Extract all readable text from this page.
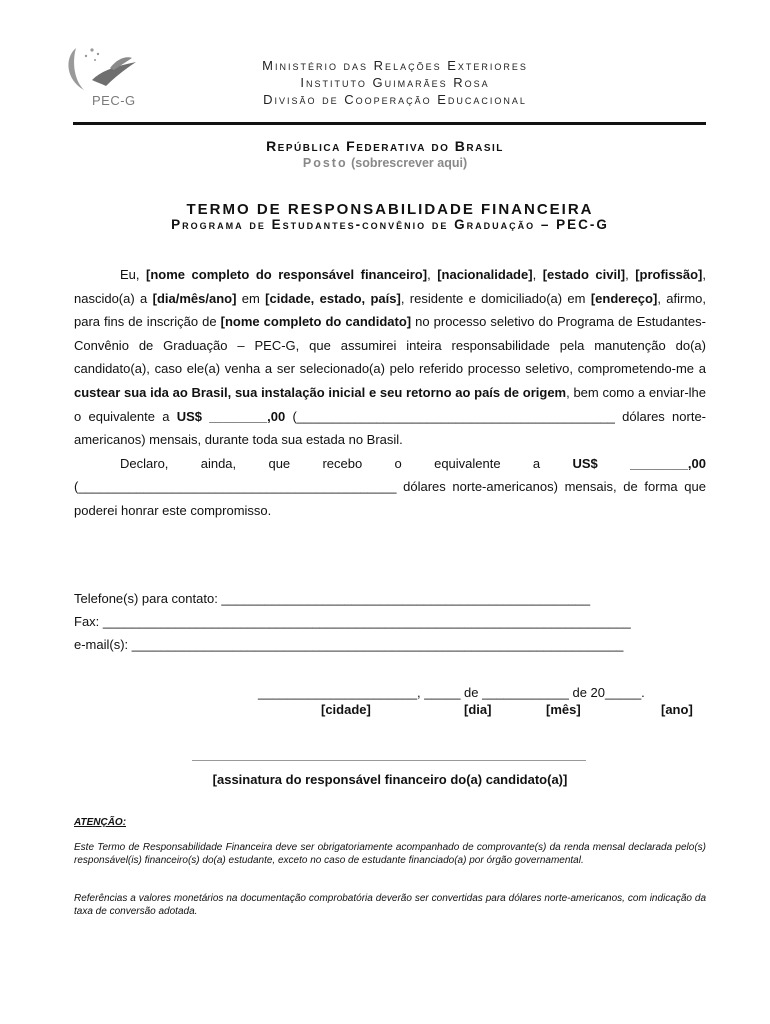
PEC-G
Ministério das Relações Exteriores
Instituto Guimarães Rosa
Divisão de Cooperação Educacional
República Federativa do Brasil
Posto (sobrescrever aqui)
TERMO DE RESPONSABILIDADE FINANCEIRA
Programa de Estudantes-convênio de Graduação – PEC-G

Eu, [nome completo do responsável financeiro], [nacionalidade], [estado civil], [profissão], nascido(a) a [dia/mês/ano] em [cidade, estado, país], residente e domiciliado(a) em [endereço], afirmo, para fins de inscrição de [nome completo do candidato] no processo seletivo do Programa de Estudantes-Convênio de Graduação – PEC-G, que assumirei inteira responsabilidade pela manutenção do(a) candidato(a), caso ele(a) venha a ser selecionado(a) pelo referido processo seletivo, comprometendo-me a custear sua ida ao Brasil, sua instalação inicial e seu retorno ao país de origem, bem como a enviar-lhe o equivalente a US$ ________,00 (____________________________________________ dólares norte-americanos) mensais, durante toda sua estada no Brasil.

Declaro, ainda, que recebo o equivalente a US$ ________,00 (____________________________________________ dólares norte-americanos) mensais, de forma que poderei honrar este compromisso.

Telefone(s) para contato: ___________________________________________________
Fax: _________________________________________________________________________
e-mail(s): ____________________________________________________________________
______________________, _____ de ____________ de 20_____.
[cidade]	[dia]	[mês]	[ano]
[assinatura do responsável financeiro do(a) candidato(a)]
ATENÇÃO:
Este Termo de Responsabilidade Financeira deve ser obrigatoriamente acompanhado de comprovante(s) da renda mensal declarada pelo(s) responsável(is) financeiro(s) do(a) estudante, exceto no caso de estudante financiado(a) por órgão governamental.
Referências a valores monetários na documentação comprobatória deverão ser convertidas para dólares norte-americanos, com indicação da taxa de conversão adotada.
